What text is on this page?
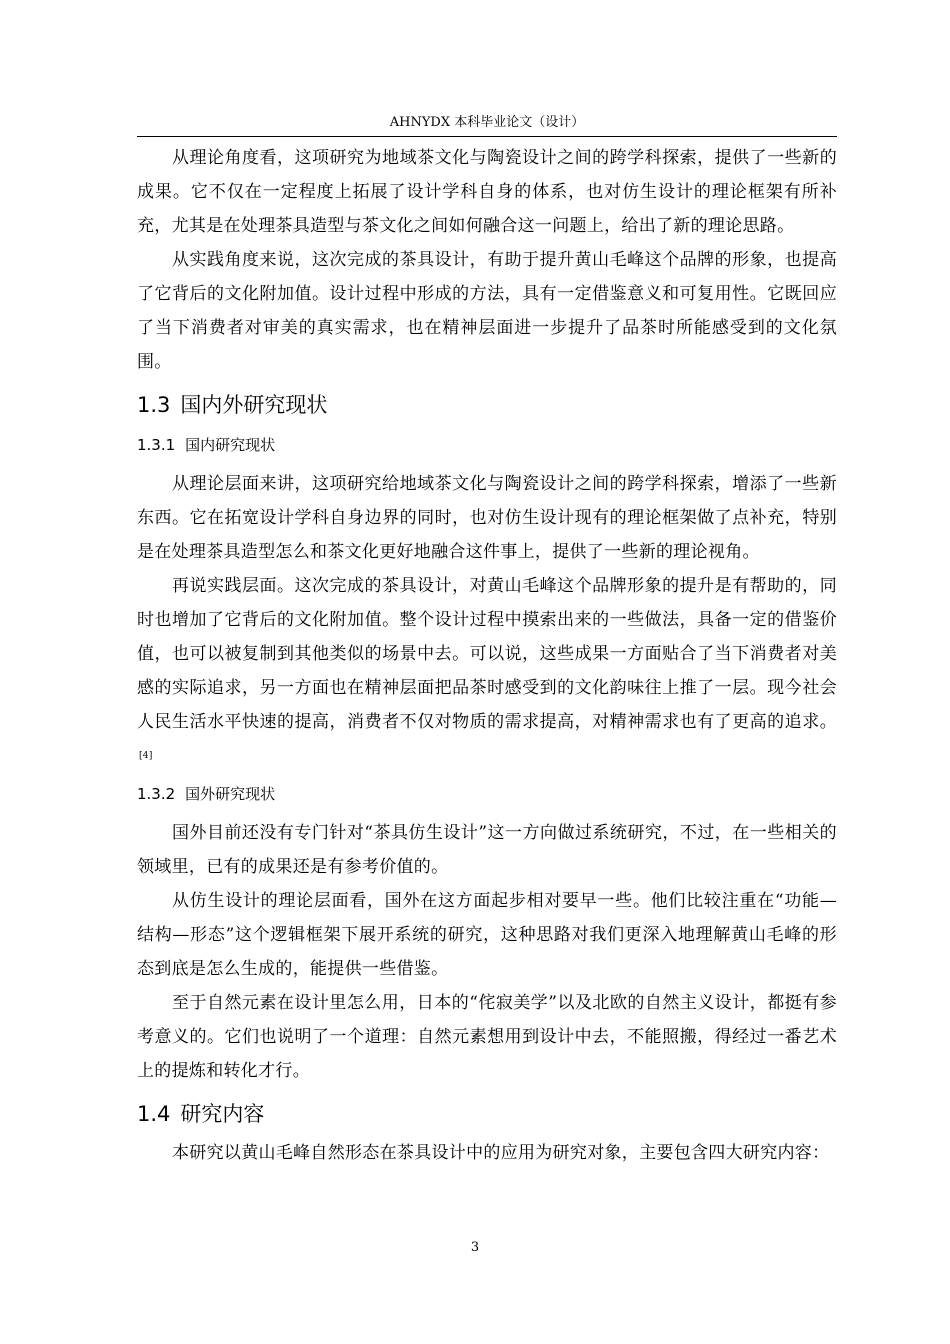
AHNYDX 本科毕业论文（设计）

从理论角度看，这项研究为地域茶文化与陶瓷设计之间的跨学科探索，提供了一些新的成果。它不仅在一定程度上拓展了设计学科自身的体系，也对仿生设计的理论框架有所补充，尤其是在处理茶具造型与茶文化之间如何融合这一问题上，给出了新的理论思路。

从实践角度来说，这次完成的茶具设计，有助于提升黄山毛峰这个品牌的形象，也提高了它背后的文化附加值。设计过程中形成的方法，具有一定借鉴意义和可复用性。它既回应了当下消费者对审美的真实需求，也在精神层面进一步提升了品茶时所能感受到的文化氛围。

1.3 国内外研究现状
1.3.1 国内研究现状

从理论层面来讲，这项研究给地域茶文化与陶瓷设计之间的跨学科探索，增添了一些新东西。它在拓宽设计学科自身边界的同时，也对仿生设计现有的理论框架做了点补充，特别是在处理茶具造型怎么和茶文化更好地融合这件事上，提供了一些新的理论视角。

再说实践层面。这次完成的茶具设计，对黄山毛峰这个品牌形象的提升是有帮助的，同时也增加了它背后的文化附加值。整个设计过程中摸索出来的一些做法，具备一定的借鉴价值，也可以被复制到其他类似的场景中去。可以说，这些成果一方面贴合了当下消费者对美感的实际追求，另一方面也在精神层面把品茶时感受到的文化韵味往上推了一层。现今社会人民生活水平快速的提高，消费者不仅对物质的需求提高，对精神需求也有了更高的追求。[4]

1.3.2 国外研究现状

国外目前还没有专门针对“茶具仿生设计”这一方向做过系统研究，不过，在一些相关的领域里，已有的成果还是有参考价值的。

从仿生设计的理论层面看，国外在这方面起步相对要早一些。他们比较注重在“功能—结构—形态”这个逻辑框架下展开系统的研究，这种思路对我们更深入地理解黄山毛峰的形态到底是怎么生成的，能提供一些借鉴。

至于自然元素在设计里怎么用，日本的“侘寂美学”以及北欧的自然主义设计，都挺有参考意义的。它们也说明了一个道理：自然元素想用到设计中去，不能照搬，得经过一番艺术上的提炼和转化才行。

1.4 研究内容

本研究以黄山毛峰自然形态在茶具设计中的应用为研究对象，主要包含四大研究内容：

3
